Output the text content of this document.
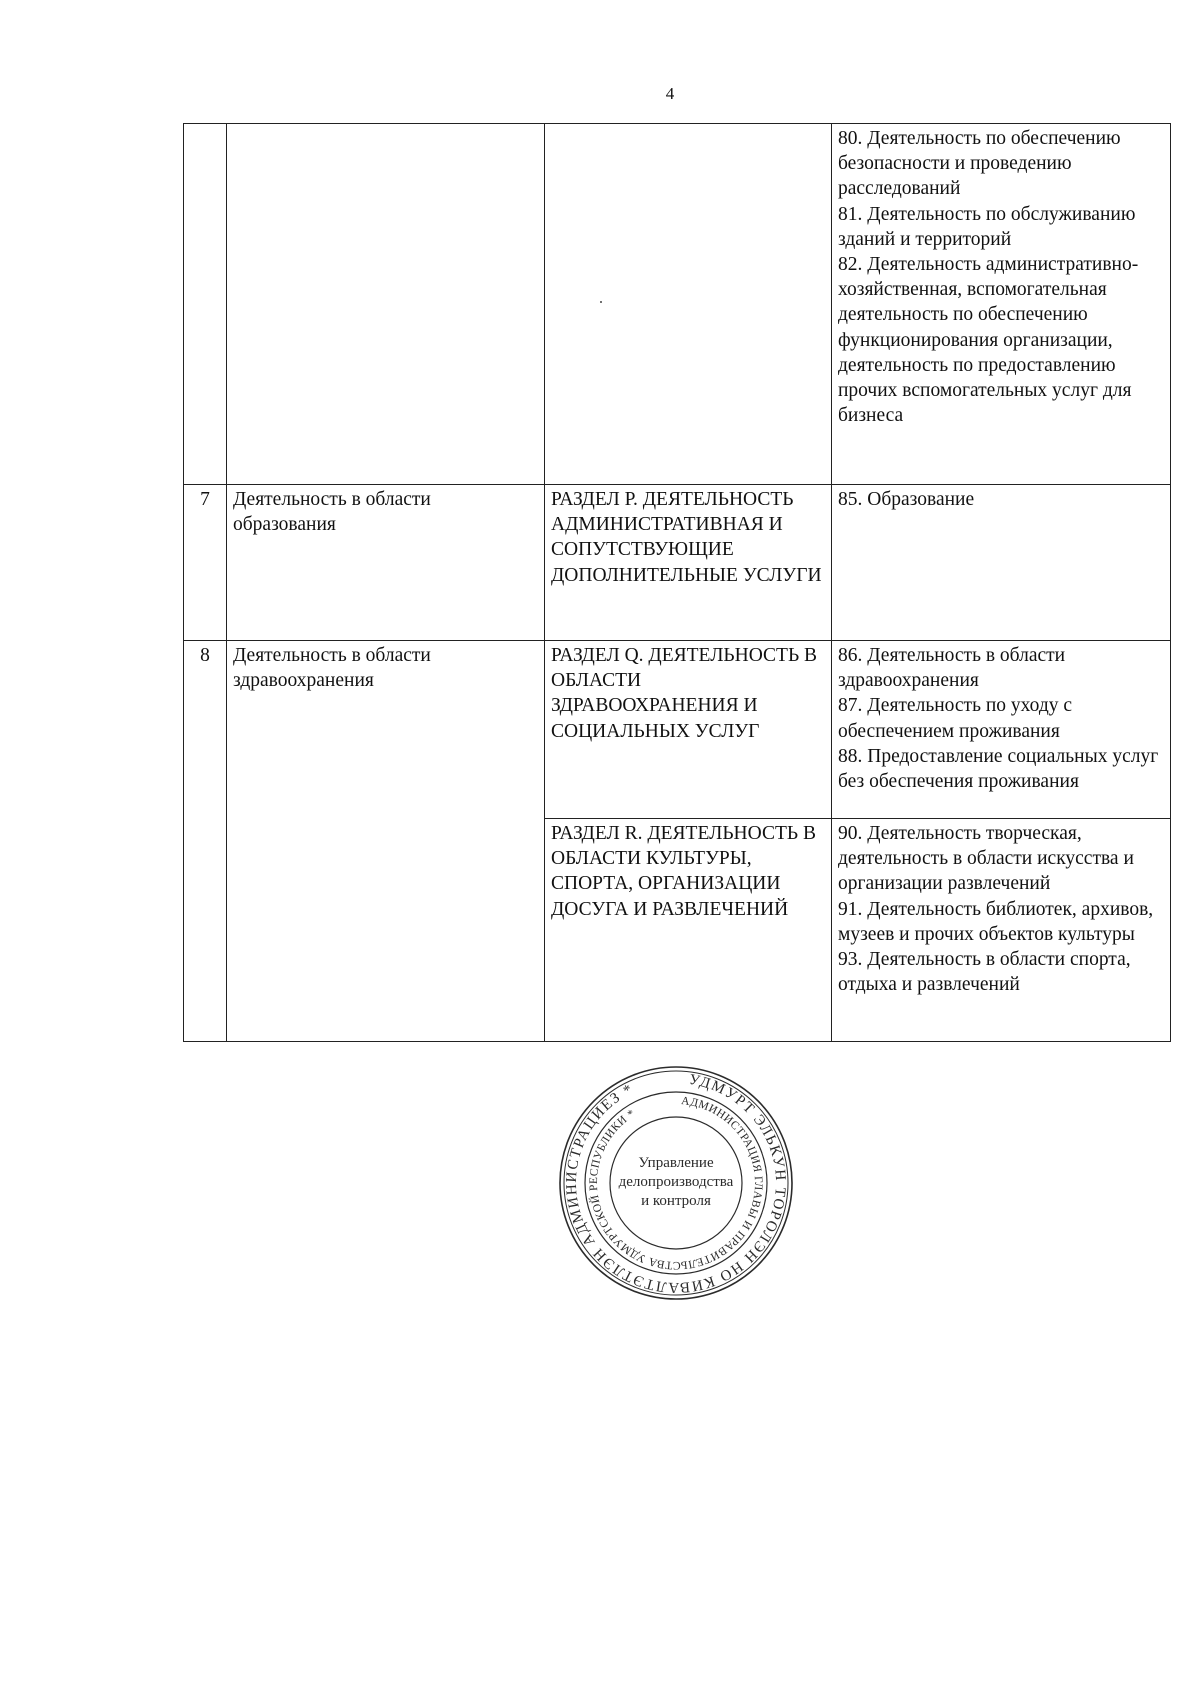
4

			80. Деятельность по обеспечению безопасности и проведению расследований
81. Деятельность по обслуживанию зданий и территорий
82. Деятельность административно-хозяйственная, вспомогательная деятельность по обеспечению функционирования организации, деятельность по предоставлению прочих вспомогательных услуг для бизнеса

7	Деятельность в области образования	РАЗДЕЛ Р. ДЕЯТЕЛЬНОСТЬ АДМИНИСТРАТИВНАЯ И СОПУТСТВУЮЩИЕ ДОПОЛНИТЕЛЬНЫЕ УСЛУГИ	85. Образование

8	Деятельность в области здравоохранения	РАЗДЕЛ Q. ДЕЯТЕЛЬНОСТЬ В ОБЛАСТИ ЗДРАВООХРАНЕНИЯ И СОЦИАЛЬНЫХ УСЛУГ	86. Деятельность в области здравоохранения
87. Деятельность по уходу с обеспечением проживания
88. Предоставление социальных услуг без обеспечения проживания

		РАЗДЕЛ R. ДЕЯТЕЛЬНОСТЬ В ОБЛАСТИ КУЛЬТУРЫ, СПОРТА, ОРГАНИЗАЦИИ ДОСУГА И РАЗВЛЕЧЕНИЙ	90. Деятельность творческая, деятельность в области искусства и организации развлечений
91. Деятельность библиотек, архивов, музеев и прочих объектов культуры
93. Деятельность в области спорта, отдыха и развлечений
УДМУРТ ЭЛЬКУН ТОРОЛЭН НО КИВАЛТЭТЛЭН АДМИНИСТРАЦИЕЗ *
АДМИНИСТРАЦИЯ ГЛАВЫ И ПРАВИТЕЛЬСТВА УДМУРТСКОЙ РЕСПУБЛИКИ *
Управление
делопроизводства
и контроля
